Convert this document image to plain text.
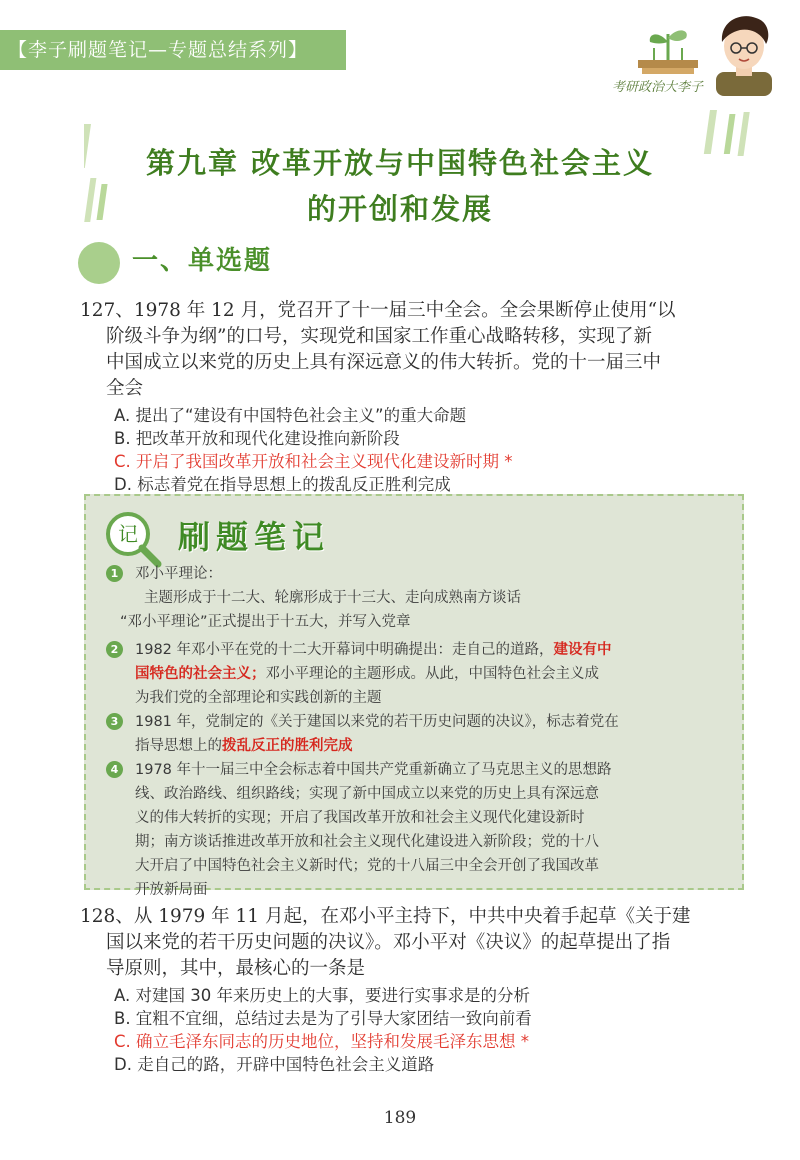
【李子刷题笔记—专题总结系列】
考研政治大李子
第九章 改革开放与中国特色社会主义
的开创和发展
一、单选题
127、1978 年 12 月，党召开了十一届三中全会。全会果断停止使用“以
阶级斗争为纲”的口号，实现党和国家工作重心战略转移，实现了新
中国成立以来党的历史上具有深远意义的伟大转折。党的十一届三中
全会
A. 提出了“建设有中国特色社会主义”的重大命题
B. 把改革开放和现代化建设推向新阶段
C. 开启了我国改革开放和社会主义现代化建设新时期 *
D. 标志着党在指导思想上的拨乱反正胜利完成
记 刷题笔记
1 邓小平理论：
主题形成于十二大、轮廓形成于十三大、走向成熟南方谈话
“邓小平理论”正式提出于十五大，并写入党章
2 1982 年邓小平在党的十二大开幕词中明确提出：走自己的道路，建设有中
国特色的社会主义；邓小平理论的主题形成。从此，中国特色社会主义成
为我们党的全部理论和实践创新的主题
3 1981 年，党制定的《关于建国以来党的若干历史问题的决议》，标志着党在
指导思想上的拨乱反正的胜利完成
4 1978 年十一届三中全会标志着中国共产党重新确立了马克思主义的思想路
线、政治路线、组织路线；实现了新中国成立以来党的历史上具有深远意
义的伟大转折的实现；开启了我国改革开放和社会主义现代化建设新时
期；南方谈话推进改革开放和社会主义现代化建设进入新阶段；党的十八
大开启了中国特色社会主义新时代；党的十八届三中全会开创了我国改革
开放新局面
128、从 1979 年 11 月起，在邓小平主持下，中共中央着手起草《关于建
国以来党的若干历史问题的决议》。邓小平对《决议》的起草提出了指
导原则，其中，最核心的一条是
A. 对建国 30 年来历史上的大事，要进行实事求是的分析
B. 宜粗不宜细，总结过去是为了引导大家团结一致向前看
C. 确立毛泽东同志的历史地位，坚持和发展毛泽东思想 *
D. 走自己的路，开辟中国特色社会主义道路
189
